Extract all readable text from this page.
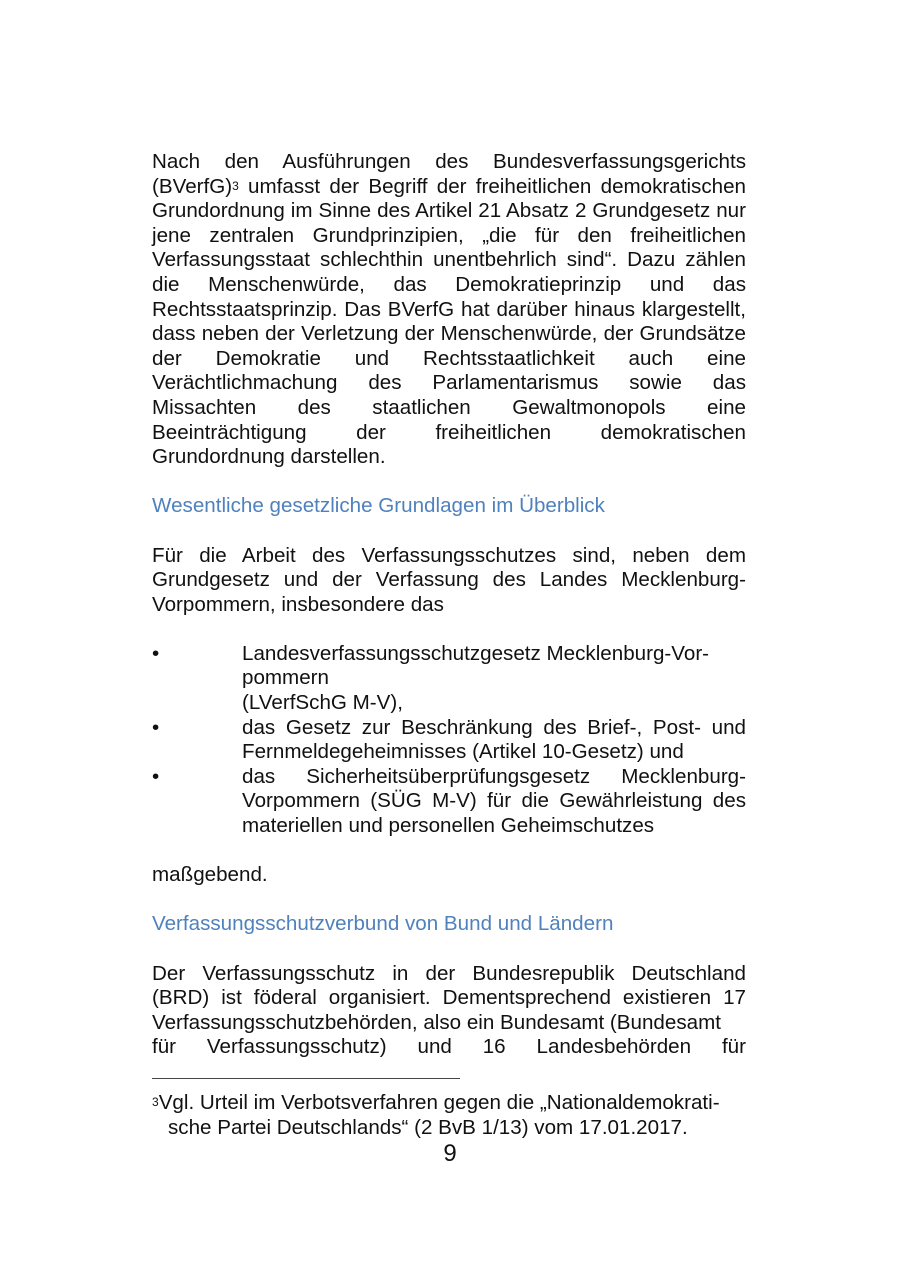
Nach den Ausführungen des Bundesverfassungsgerichts (BVerfG)$^3$ umfasst der Begriff der freiheitlichen demokratischen Grundordnung im Sinne des Artikel 21 Absatz 2 Grundgesetz nur jene zentralen Grundprinzipien, „die für den freiheitlichen Verfassungsstaat schlechthin unentbehrlich sind“. Dazu zählen die Menschenwürde, das Demokratieprinzip und das Rechtsstaatsprinzip. Das BVerfG hat darüber hinaus klargestellt, dass neben der Verletzung der Menschenwürde, der Grundsätze der Demokratie und Rechtsstaatlichkeit auch eine Verächtlichmachung des Parlamentarismus sowie das Missachten des staatlichen Gewaltmonopols eine Beeinträchtigung der freiheitlichen demokratischen Grundordnung darstellen.

Wesentliche gesetzliche Grundlagen im Überblick

Für die Arbeit des Verfassungsschutzes sind, neben dem Grundgesetz und der Verfassung des Landes Mecklenburg-Vorpommern, insbesondere das

•	Landesverfassungsschutzgesetz Mecklenburg-Vor-
pommern
(LVerfSchG M-V),
•	das Gesetz zur Beschränkung des Brief-, Post- und Fernmeldegeheimnisses (Artikel 10-Gesetz) und
•	das Sicherheitsüberprüfungsgesetz Mecklenburg-Vorpommern (SÜG M-V) für die Gewährleistung des materiellen und personellen Geheimschutzes

maßgebend.

Verfassungsschutzverbund von Bund und Ländern

Der Verfassungsschutz in der Bundesrepublik Deutschland (BRD) ist föderal organisiert. Dementsprechend existieren 17 Verfassungsschutzbehörden, also ein Bundesamt (Bundesamt

für Verfassungsschutz) und 16 Landesbehörden für

$^3$Vgl. Urteil im Verbotsverfahren gegen die „Nationaldemokrati-
sche Partei Deutschlands“ (2 BvB 1/13) vom 17.01.2017.
9
